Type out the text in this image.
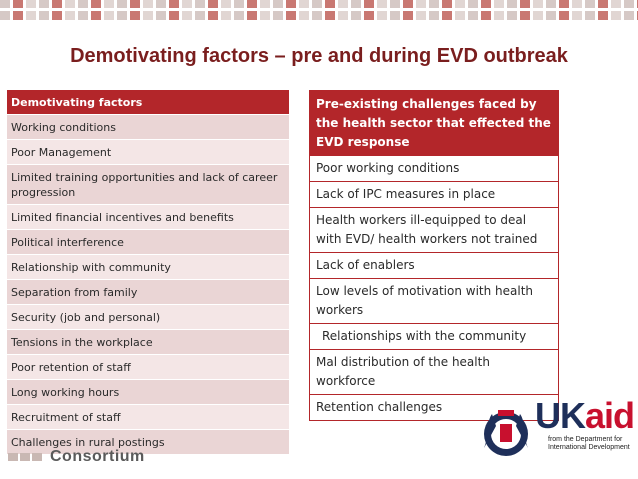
Demotivating factors – pre and during EVD outbreak
Demotivating factors
Working conditions
Poor Management
Limited training opportunities and lack of career progression
Limited financial incentives and benefits
Political interference
Relationship with community
Separation from family
Security (job and personal)
Tensions in the workplace
Poor retention of staff
Long working hours
Recruitment of staff
Challenges in rural postings
Pre-existing challenges faced by the health sector that effected the EVD response
Poor working conditions
Lack of IPC measures in place
Health workers ill-equipped to deal with EVD/ health workers not trained
Lack of enablers
Low levels of motivation with health workers
Relationships with the community
Mal distribution of the health workforce
Retention challenges
Consortium
UKaid
from the Department for International Development
